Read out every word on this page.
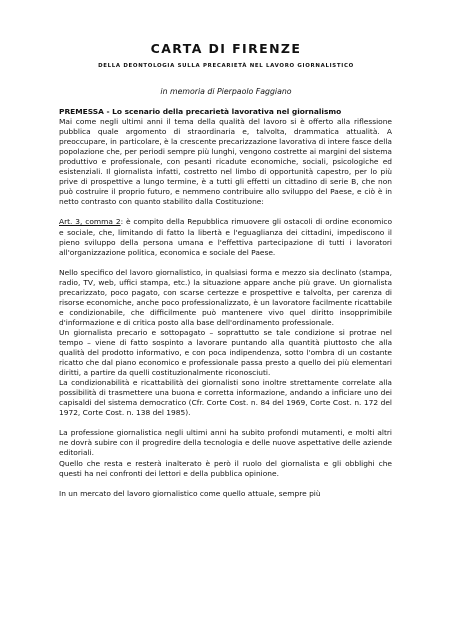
CARTA DI FIRENZE
DELLA DEONTOLOGIA SULLA PRECARIETÀ NEL LAVORO GIORNALISTICO
in memoria di Pierpaolo Faggiano

PREMESSA - Lo scenario della precarietà lavorativa nel giornalismo

Mai come negli ultimi anni il tema della qualità del lavoro si è offerto alla riflessione pubblica quale argomento di straordinaria e, talvolta, drammatica attualità. A preoccupare, in particolare, è la crescente precarizzazione lavorativa di intere fasce della popolazione che, per periodi sempre più lunghi, vengono costrette ai margini del sistema produttivo e professionale, con pesanti ricadute economiche, sociali, psicologiche ed esistenziali. Il giornalista infatti, costretto nel limbo di opportunità capestro, per lo più prive di prospettive a lungo termine, è a tutti gli effetti un cittadino di serie B, che non può costruire il proprio futuro, e nemmeno contribuire allo sviluppo del Paese, e ciò è in netto contrasto con quanto stabilito dalla Costituzione:

Art. 3, comma 2: è compito della Repubblica rimuovere gli ostacoli di ordine economico e sociale, che, limitando di fatto la libertà e l'eguaglianza dei cittadini, impediscono il pieno sviluppo della persona umana e l'effettiva partecipazione di tutti i lavoratori all'organizzazione politica, economica e sociale del Paese.

Nello specifico del lavoro giornalistico, in qualsiasi forma e mezzo sia declinato (stampa, radio, TV, web, uffici stampa, etc.) la situazione appare anche più grave. Un giornalista precarizzato, poco pagato, con scarse certezze e prospettive e talvolta, per carenza di risorse economiche, anche poco professionalizzato, è un lavoratore facilmente ricattabile e condizionabile, che difficilmente può mantenere vivo quel diritto insopprimibile d'informazione e di critica posto alla base dell'ordinamento professionale.

Un giornalista precario e sottopagato – soprattutto se tale condizione si protrae nel tempo – viene di fatto sospinto a lavorare puntando alla quantità piuttosto che alla qualità del prodotto informativo, e con poca indipendenza, sotto l'ombra di un costante ricatto che dal piano economico e professionale passa presto a quello dei più elementari diritti, a partire da quelli costituzionalmente riconosciuti.

La condizionabilità e ricattabilità dei giornalisti sono inoltre strettamente correlate alla possibilità di trasmettere una buona e corretta informazione, andando a inficiare uno dei capisaldi del sistema democratico (Cfr. Corte Cost. n. 84 del 1969, Corte Cost. n. 172 del 1972, Corte Cost. n. 138 del 1985).

La professione giornalistica negli ultimi anni ha subito profondi mutamenti, e molti altri ne dovrà subire con il progredire della tecnologia e delle nuove aspettative delle aziende editoriali.

Quello che resta e resterà inalterato è però il ruolo del giornalista e gli obblighi che questi ha nei confronti dei lettori e della pubblica opinione.

In un mercato del lavoro giornalistico come quello attuale, sempre più
